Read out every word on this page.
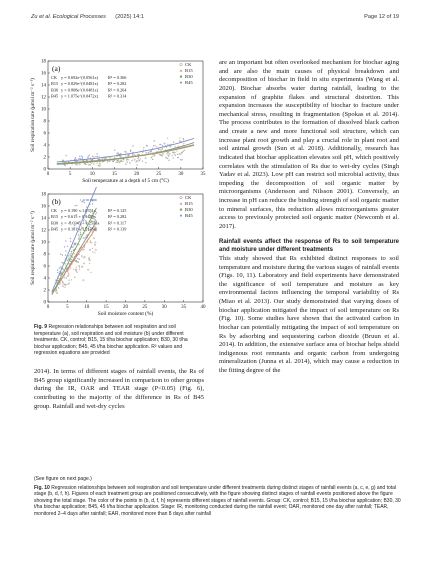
Zu et al. Ecological Processes (2025) 14:1	Page 12 of 19
0	5	10	15	20	25	30	35
0
2
4
6
8
10
12
14
16
18
Soil temperature at a depth of 5 cm (°C)
Soil respiration rate (μmol m⁻² s⁻¹)
(a)
CK y = 0.692e^(0.0561x) R² = 0.366
B15 y = 0.829e^(0.0481x) R² = 0.282
B30 y = 0.808e^(0.0481x) R² = 0.264
B45 y = 1.075e^(0.0472x) R² = 0.314
CK
B15
B30
B45
0	5	10	15	20	25	30	35	40
0
2
4
6
8
10
12
14
16
18
Soil moisture content (%)
Soil respiration rate (μmol m⁻² s⁻¹)
(b)
CK y = 0.190 + 1.0551x	R² = 0.125
B15 y = 0.615 + 0.9459x	R² = 0.282
B30 y = -0.0345 + 1.2575x R² = 0.117
B45 y = 0.181 + 1.5176x	R² = 0.139
CK
B15
B30
B45
Fig. 9 Regression relationships between soil respiration and soil temperature (a), soil respiration and soil moisture (b) under different treatments. CK, control; B15, 15 t/ha biochar application; B30, 30 t/ha biochar application; B45, 45 t/ha biochar application. R² values and regression equations are provided

2014). In terms of different stages of rainfall events, the Rs of B45 group significantly increased in comparison to other groups during the IR, OAR and TEAR stage (P<0.05) (Fig. 6), contributing to the majority of the difference in Rs of B45 group. Rainfall and wet-dry cycles

are an important but often overlooked mechanism for biochar aging and are also the main causes of physical breakdown and decomposition of biochar in field in situ experiments (Wang et al. 2020). Biochar absorbs water during rainfall, leading to the expansion of graphite flakes and structural distortion. This expansion increases the susceptibility of biochar to fracture under mechanical stress, resulting in fragmentation (Spokas et al. 2014). The process contributes to the formation of dissolved black carbon and create a new and more functional soil structure, which can increase plant root growth and play a crucial role in plant root and soil animal growth (Sun et al. 2018). Additionally, research has indicated that biochar application elevates soil pH, which positively correlates with the stimulation of Rs due to wet-dry cycles (Singh Yadav et al. 2023). Low pH can restrict soil microbial activity, thus impeding the decomposition of soil organic matter by microorganisms (Andersson and Nilsson 2001). Conversely, an increase in pH can reduce the binding strength of soil organic matter to mineral surfaces, this reduction allows microorganisms greater access to previously protected soil organic matter (Newcomb et al. 2017).

Rainfall events affect the response of Rs to soil temperature and moisture under different treatments

This study showed that Rs exhibited distinct responses to soil temperature and moisture during the various stages of rainfall events (Figs. 10, 11). Laboratory and field experiments have demonstrated the significance of soil temperature and moisture as key environmental factors influencing the temporal variability of Rs (Miao et al. 2013). Our study demonstrated that varying doses of biochar application mitigated the impact of soil temperature on Rs (Fig. 10). Some studies have shown that the activated carbon in biochar can potentially mitigating the impact of soil temperature on Rs by adsorbing and sequestering carbon dioxide (Bruun et al. 2014). In addition, the extensive surface area of biochar helps shield indigenous root remnants and organic carbon from undergoing mineralization (Junna et al. 2014), which may cause a reduction in the fitting degree of the

(See figure on next page.)
Fig. 10 Regression relationships between soil respiration and soil temperature under different treatments during distinct stages of rainfall events (a, c, e, g) and total stage (b, d, f, h). Figures of each treatment group are positioned consecutively, with the figure showing distinct stages of rainfall events positioned above the figure showing the total stage. The color of the points in (b, d, f, h) represents different stages of rainfall events. Group: CK, control; B15, 15 t/ha biochar application; B30, 30 t/ha biochar application; B45, 45 t/ha biochar application. Stage: IR, monitoring conducted during the rainfall event; OAR, monitored one day after rainfall; TEAR, monitored 2–4 days after rainfall; EAR, monitored more than 8 days after rainfall
